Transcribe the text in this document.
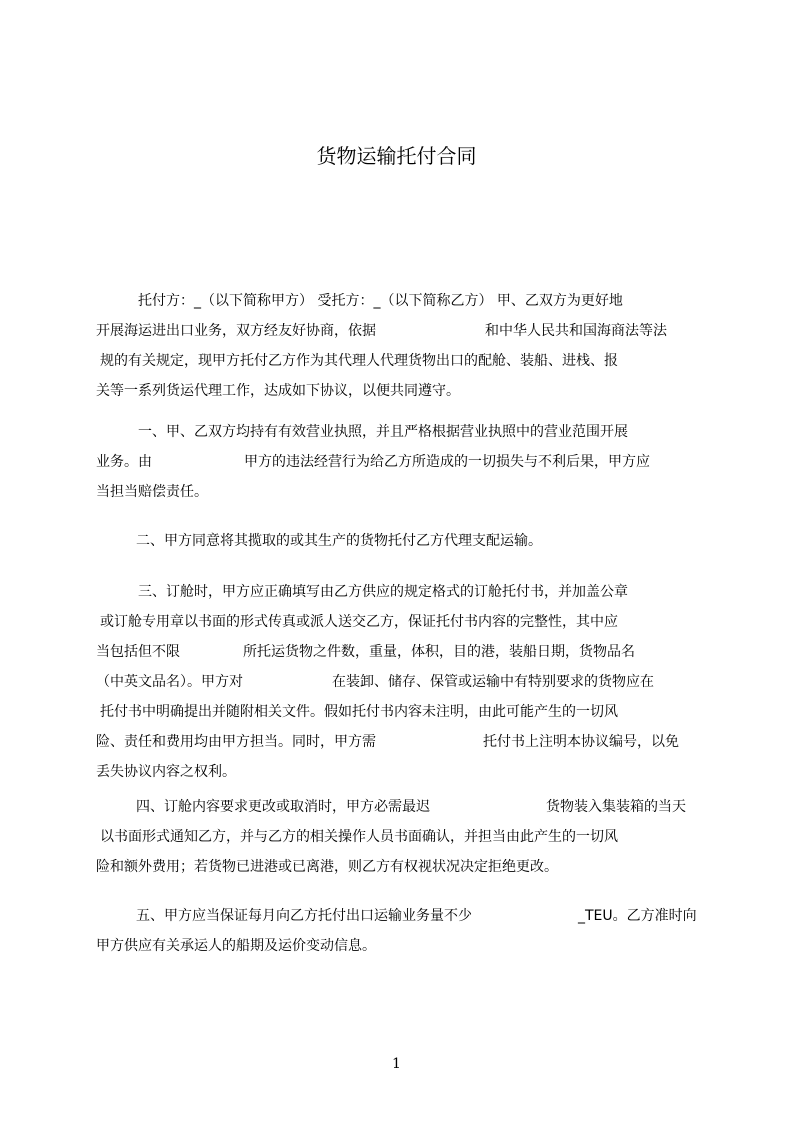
货物运输托付合同
托付方：_（以下简称甲方） 受托方：_（以下简称乙方） 甲、乙双方为更好地
开展海运进出口业务，双方经友好协商，依据	和中华人民共和国海商法等法
规的有关规定，现甲方托付乙方作为其代理人代理货物出口的配舱、装船、进栈、报
关等一系列货运代理工作，达成如下协议，以便共同遵守。
一、甲、乙双方均持有有效营业执照，并且严格根据营业执照中的营业范围开展
业务。由	甲方的违法经营行为给乙方所造成的一切损失与不利后果，甲方应
当担当赔偿责任。
二、甲方同意将其揽取的或其生产的货物托付乙方代理支配运输。
三、订舱时，甲方应正确填写由乙方供应的规定格式的订舱托付书，并加盖公章
或订舱专用章以书面的形式传真或派人送交乙方，保证托付书内容的完整性，其中应
当包括但不限	所托运货物之件数，重量，体积，目的港，装船日期，货物品名
（中英文品名）。甲方对	在装卸、储存、保管或运输中有特别要求的货物应在
托付书中明确提出并随附相关文件。假如托付书内容未注明，由此可能产生的一切风
险、责任和费用均由甲方担当。同时，甲方需	托付书上注明本协议编号，以免
丢失协议内容之权利。
四、订舱内容要求更改或取消时，甲方必需最迟	货物装入集装箱的当天
以书面形式通知乙方，并与乙方的相关操作人员书面确认，并担当由此产生的一切风
险和额外费用；若货物已进港或已离港，则乙方有权视状况决定拒绝更改。
五、甲方应当保证每月向乙方托付出口运输业务量不少	_TEU。乙方准时向
甲方供应有关承运人的船期及运价变动信息。
1
